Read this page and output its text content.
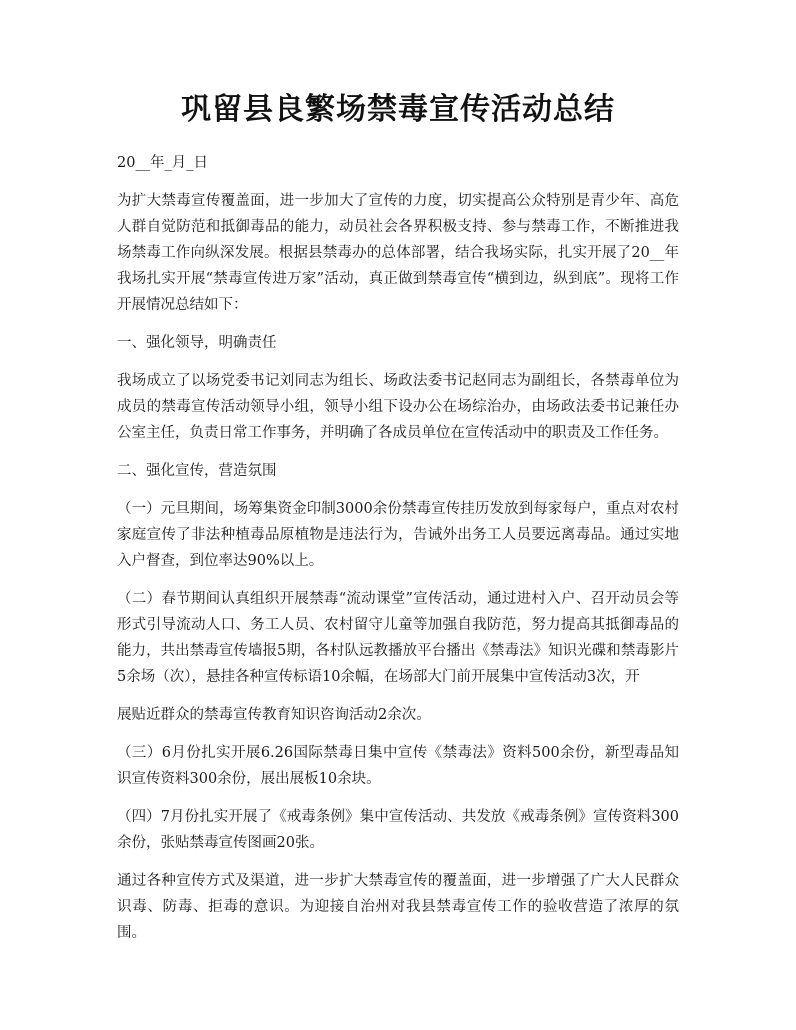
巩留县良繁场禁毒宣传活动总结
20__年_月_日

为扩大禁毒宣传覆盖面，进一步加大了宣传的力度，切实提高公众特别是青少年、高危人群自觉防范和抵御毒品的能力，动员社会各界积极支持、参与禁毒工作，不断推进我场禁毒工作向纵深发展。根据县禁毒办的总体部署，结合我场实际，扎实开展了20__年我场扎实开展“禁毒宣传进万家”活动，真正做到禁毒宣传“横到边，纵到底”。现将工作开展情况总结如下：

一、强化领导，明确责任

我场成立了以场党委书记刘同志为组长、场政法委书记赵同志为副组长，各禁毒单位为成员的禁毒宣传活动领导小组，领导小组下设办公在场综治办，由场政法委书记兼任办公室主任，负责日常工作事务，并明确了各成员单位在宣传活动中的职责及工作任务。

二、强化宣传，营造氛围

（一）元旦期间，场筹集资金印制3000余份禁毒宣传挂历发放到每家每户，重点对农村家庭宣传了非法种植毒品原植物是违法行为，告诫外出务工人员要远离毒品。通过实地入户督查，到位率达90%以上。

（二）春节期间认真组织开展禁毒“流动课堂”宣传活动，通过进村入户、召开动员会等形式引导流动人口、务工人员、农村留守儿童等加强自我防范，努力提高其抵御毒品的能力，共出禁毒宣传墙报5期，各村队远教播放平台播出《禁毒法》知识光碟和禁毒影片5余场（次），悬挂各种宣传标语10余幅，在场部大门前开展集中宣传活动3次，开

展贴近群众的禁毒宣传教育知识咨询活动2余次。

（三）6月份扎实开展6.26国际禁毒日集中宣传《禁毒法》资料500余份，新型毒品知识宣传资料300余份，展出展板10余块。

（四）7月份扎实开展了《戒毒条例》集中宣传活动、共发放《戒毒条例》宣传资料300余份，张贴禁毒宣传图画20张。

通过各种宣传方式及渠道，进一步扩大禁毒宣传的覆盖面，进一步增强了广大人民群众识毒、防毒、拒毒的意识。为迎接自治州对我县禁毒宣传工作的验收营造了浓厚的氛围。
